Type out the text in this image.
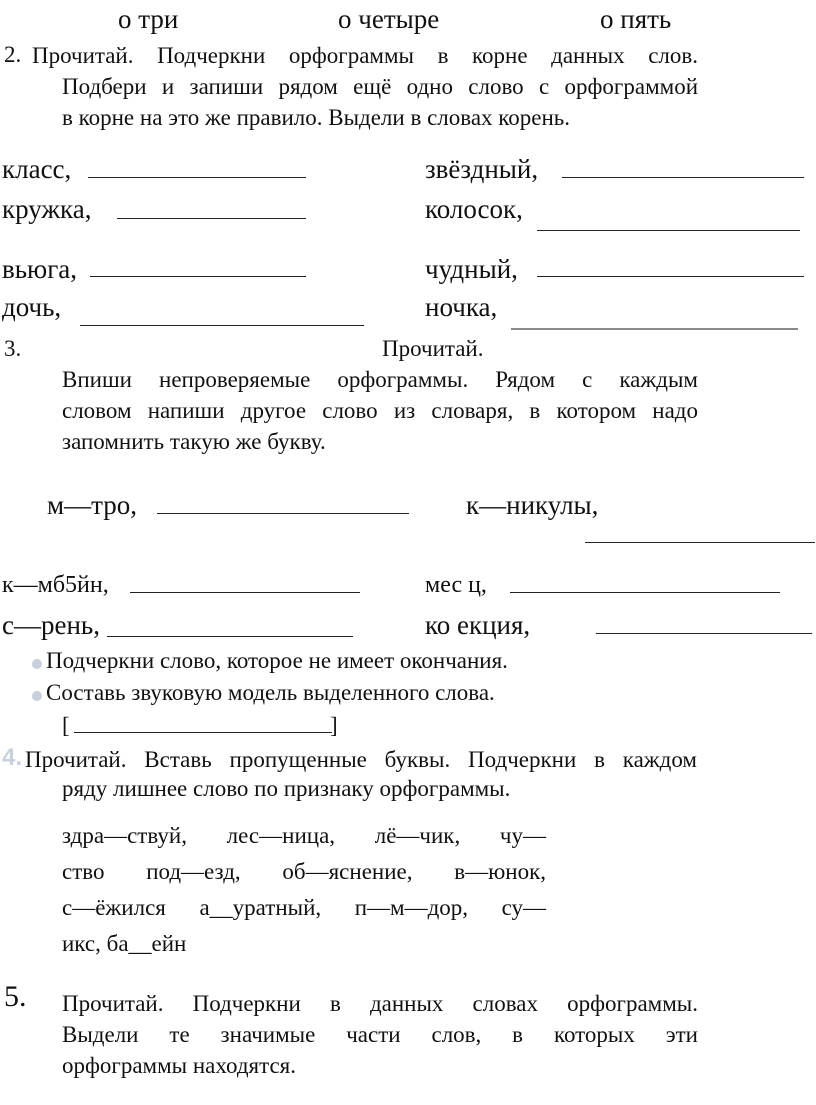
о три	о четыре	о пять
2. Прочитай. Подчеркни орфограммы в корне данных слов.
Подбери и запиши рядом ещё одно слово с орфограммой
в корне на это же правило. Выдели в словах корень.
класс,	звёздный,
кружка,	колосок,
вьюга,	чудный,
дочь,	ночка,
3.	Прочитай.
Впиши непроверяемые орфограммы. Рядом с каждым
словом напиши другое слово из словаря, в котором надо
запомнить такую же букву.
м—тро,	к—никулы,
к—мб5йн,	мес ц,
с—рень,	ко екция,
Подчеркни слово, которое не имеет окончания.
Составь звуковую модель выделенного слова.
[	]
4. Прочитай. Вставь пропущенные буквы. Подчеркни в каждом
ряду лишнее слово по признаку орфограммы.
здра—ствуй, лес—ница, лё—чик, чу—
ство под—езд, об—яснение, в—юнок,
с—ёжился а__уратный, п—м—дор, су—
икс, ба__ейн
5. Прочитай. Подчеркни в данных словах орфограммы.
Выдели те значимые части слов, в которых эти
орфограммы находятся.
